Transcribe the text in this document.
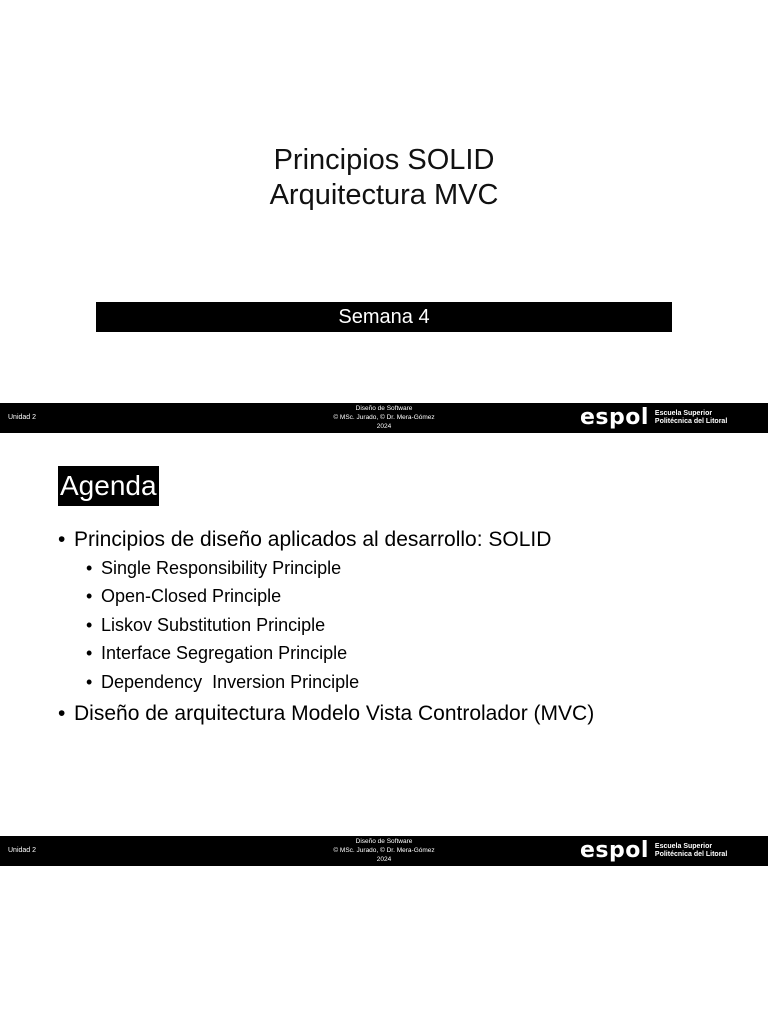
Principios SOLID
Arquitectura MVC
Semana 4
Unidad 2
Diseño de Software
© MSc. Jurado, © Dr. Mera-Gómez
2024	espol Escuela Superior
Politécnica del Litoral
Agenda
• Principios de diseño aplicados al desarrollo: SOLID
• Single Responsibility Principle
• Open-Closed Principle
• Liskov Substitution Principle
• Interface Segregation Principle
• Dependency  Inversion Principle
• Diseño de arquitectura Modelo Vista Controlador (MVC)
Unidad 2
Diseño de Software
© MSc. Jurado, © Dr. Mera-Gómez
2024	espol Escuela Superior
Politécnica del Litoral
